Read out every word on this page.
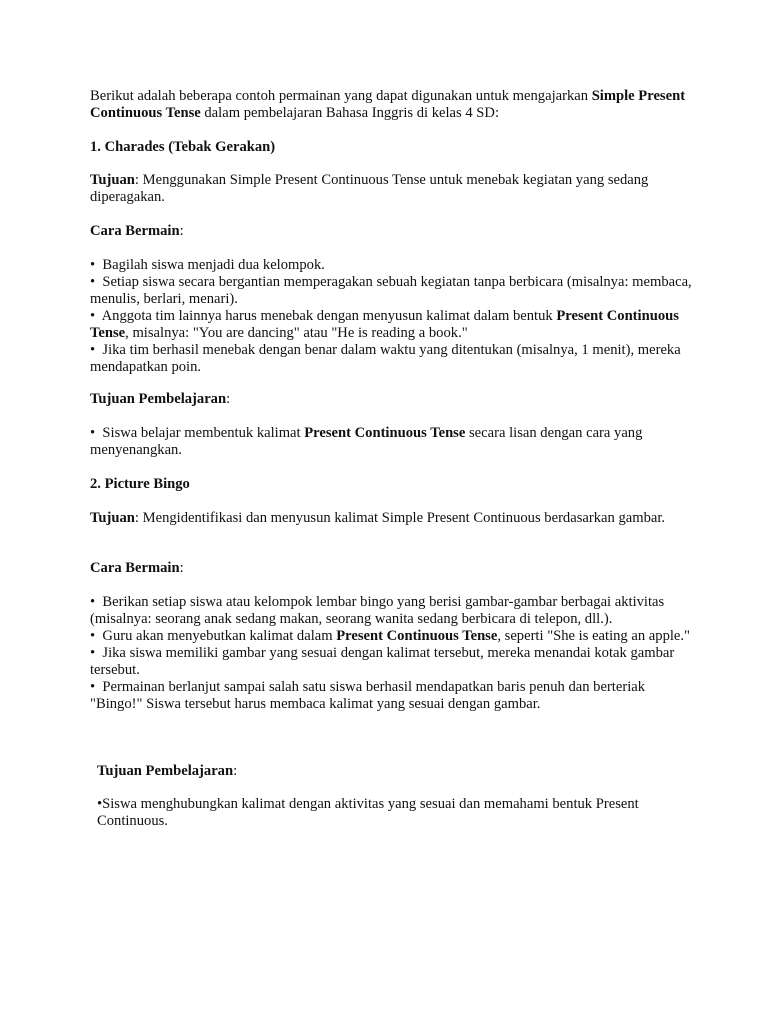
Berikut adalah beberapa contoh permainan yang dapat digunakan untuk mengajarkan Simple Present Continuous Tense dalam pembelajaran Bahasa Inggris di kelas 4 SD:

1. Charades (Tebak Gerakan)

Tujuan: Menggunakan Simple Present Continuous Tense untuk menebak kegiatan yang sedang diperagakan.

Cara Bermain:

• Bagilah siswa menjadi dua kelompok.
• Setiap siswa secara bergantian memperagakan sebuah kegiatan tanpa berbicara (misalnya: membaca, menulis, berlari, menari).
• Anggota tim lainnya harus menebak dengan menyusun kalimat dalam bentuk Present Continuous Tense, misalnya: "You are dancing" atau "He is reading a book."
• Jika tim berhasil menebak dengan benar dalam waktu yang ditentukan (misalnya, 1 menit), mereka mendapatkan poin.

Tujuan Pembelajaran:

• Siswa belajar membentuk kalimat Present Continuous Tense secara lisan dengan cara yang menyenangkan.

2. Picture Bingo

Tujuan: Mengidentifikasi dan menyusun kalimat Simple Present Continuous berdasarkan gambar.

Cara Bermain:

• Berikan setiap siswa atau kelompok lembar bingo yang berisi gambar-gambar berbagai aktivitas (misalnya: seorang anak sedang makan, seorang wanita sedang berbicara di telepon, dll.).
• Guru akan menyebutkan kalimat dalam Present Continuous Tense, seperti "She is eating an apple."
• Jika siswa memiliki gambar yang sesuai dengan kalimat tersebut, mereka menandai kotak gambar tersebut.
• Permainan berlanjut sampai salah satu siswa berhasil mendapatkan baris penuh dan berteriak "Bingo!" Siswa tersebut harus membaca kalimat yang sesuai dengan gambar.

Tujuan Pembelajaran:

•Siswa menghubungkan kalimat dengan aktivitas yang sesuai dan memahami bentuk Present Continuous.
